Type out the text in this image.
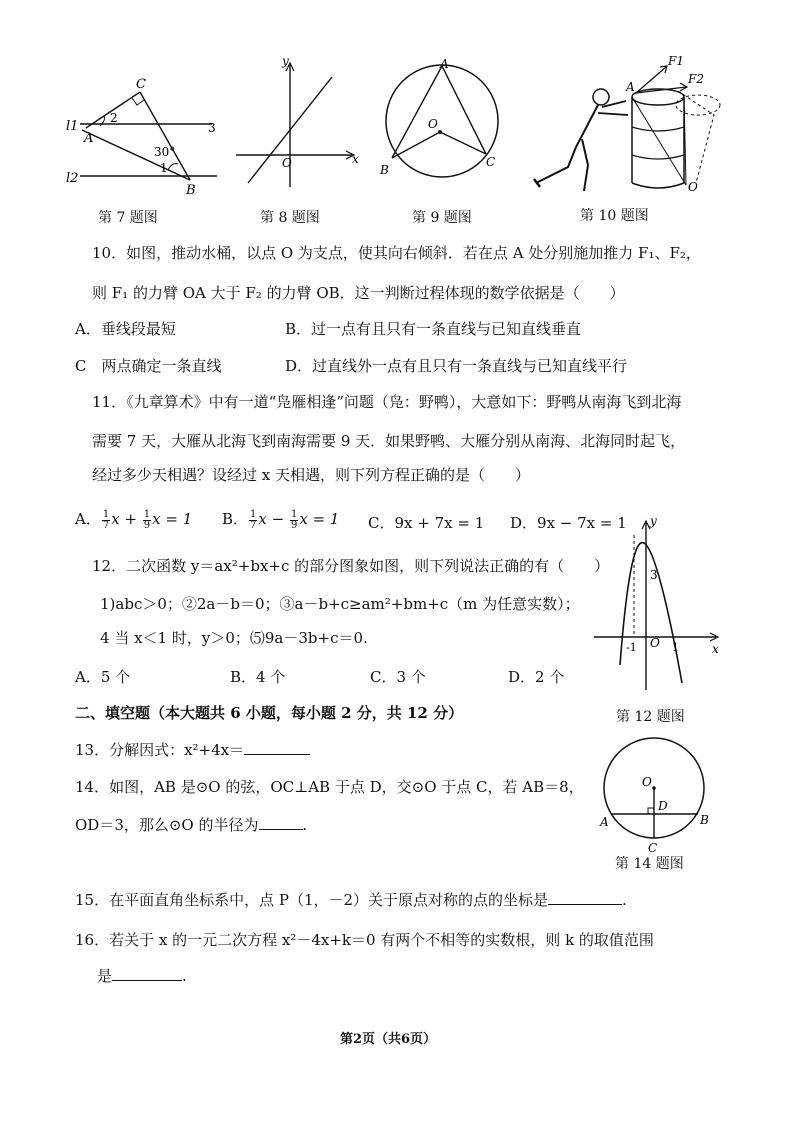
l1
l2
A
B
C
1
2
3
30°
第 7 题图
y
x
O
第 8 题图
A
B
C
O
第 9 题图
A
F1
F2
O
第 10 题图
10．如图，推动水桶，以点 O 为支点，使其向右倾斜．若在点 A 处分别施加推力 F₁、F₂，
则 F₁ 的力臂 OA 大于 F₂ 的力臂 OB．这一判断过程体现的数学依据是（　　）
A．垂线段最短	B．过一点有且只有一条直线与已知直线垂直
C　两点确定一条直线	D．过直线外一点有且只有一条直线与已知直线平行
11．《九章算术》中有一道“凫雁相逢”问题（凫：野鸭），大意如下：野鸭从南海飞到北海
需要 7 天，大雁从北海飞到南海需要 9 天．如果野鸭、大雁分别从南海、北海同时起飞，
经过多少天相遇？设经过 x 天相遇，则下列方程正确的是（　　）
A． $\frac{1}{7}$ $x + \frac{1}{9}$ x = 1 B． $\frac{1}{7}$ $x - \frac{1}{9}$ x = 1 C．9x + 7x = 1 D．9x − 7x = 1
12．二次函数 y＝ax²+bx+c 的部分图象如图，则下列说法正确的有（　　）
1)abc＞0；②2a－b＝0；③a－b+c≥am²+bm+c（m 为任意实数）；
4 当 x＜1 时，y＞0；⑸9a－3b+c＝0.
A．5 个	B．4 个	C．3 个	D．2 个
y
x
O
3
-1	1
第 12 题图
二、填空题（本大题共 6 小题，每小题 2 分，共 12 分）
13．分解因式：x²+4x＝
14．如图，AB 是⊙O 的弦，OC⊥AB 于点 D，交⊙O 于点 C，若 AB＝8，
OD＝3，那么⊙O 的半径为	.
O
D
A	B
C
第 14 题图
15．在平面直角坐标系中，点 P（1，－2）关于原点对称的点的坐标是	.
16．若关于 x 的一元二次方程 x²－4x+k＝0 有两个不相等的实数根，则 k 的取值范围
是	.
第2页（共6页）
